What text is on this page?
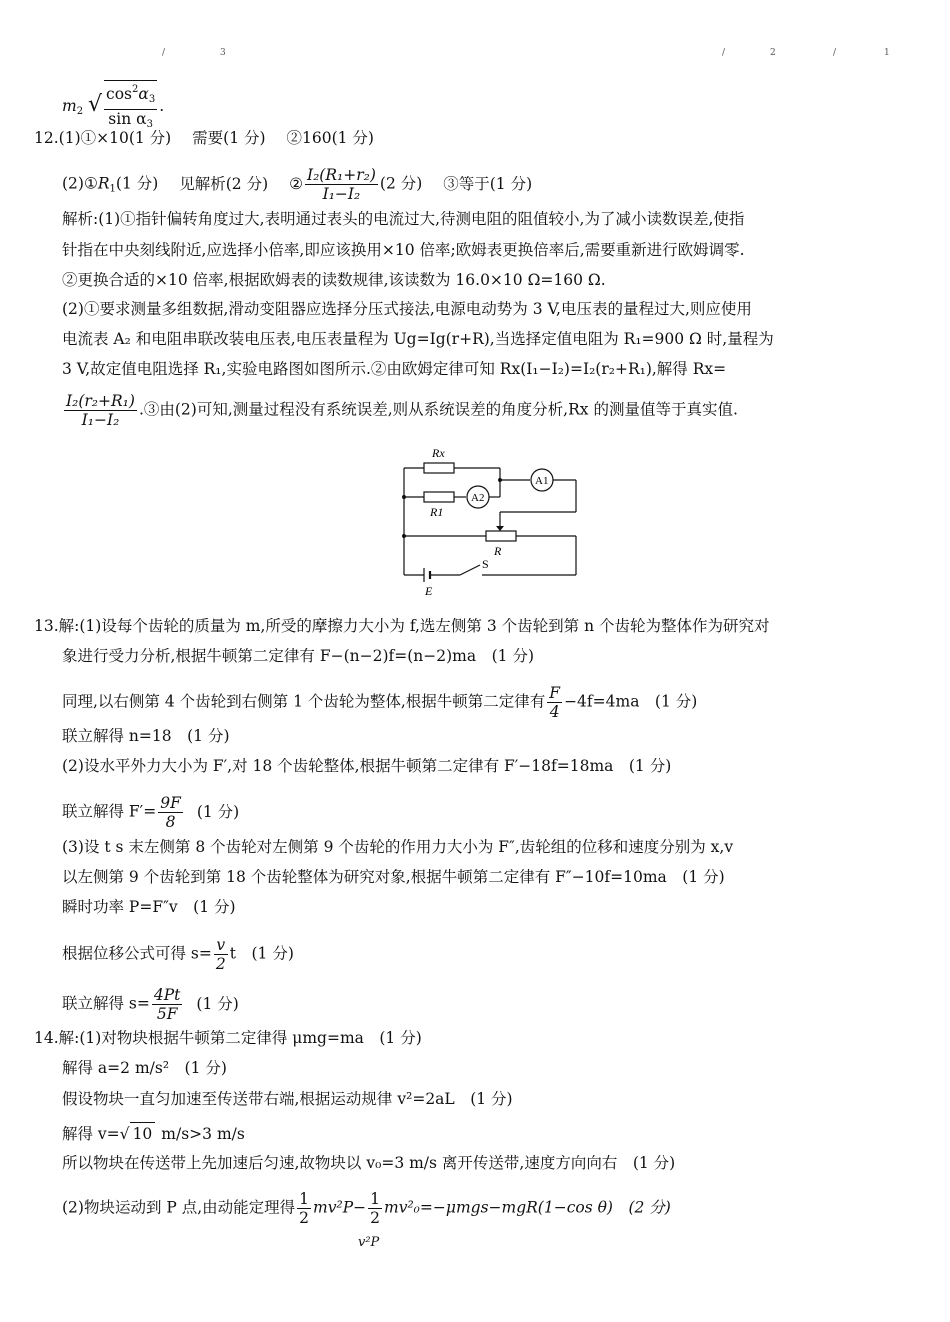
/	3	/	2	/	1
$m_2$ √ $\frac{\cos^2\alpha_3}{\sin \alpha_3}$ .
12.(1)①×10(1 分) 需要(1 分) ②160(1 分)
$(2)①R_1(1$ 分) 见解析(2 分) ② $\frac{\text{I₂(R₁+r₂)}}{\text{I₁−I₂}} (2$ 分) ③等于(1 分)
解析:(1)①指针偏转角度过大,表明通过表头的电流过大,待测电阻的阻值较小,为了减小读数误差,使指
针指在中央刻线附近,应选择小倍率,即应该换用×10 倍率;欧姆表更换倍率后,需要重新进行欧姆调零.
②更换合适的×10 倍率,根据欧姆表的读数规律,该读数为 16.0×10 Ω=160 Ω.
(2)①要求测量多组数据,滑动变阻器应选择分压式接法,电源电动势为 3 V,电压表的量程过大,则应使用
电流表 A₂ 和电阻串联改装电压表,电压表量程为 Ug=Ig(r+R),当选择定值电阻为 R₁=900 Ω 时,量程为
3 V,故定值电阻选择 R₁,实验电路图如图所示.②由欧姆定律可知 Rx(I₁−I₂)=I₂(r₂+R₁),解得 Rx=
$\frac{\text{I₂(r₂+R₁)}}{\text{I₁−I₂}}$ .③由(2)可知,测量过程没有系统误差,则从系统误差的角度分析,Rx 的测量值等于真实值.
Rx
R1
A1
A2
R
E
S
13.解:(1)设每个齿轮的质量为 m,所受的摩擦力大小为 f,选左侧第 3 个齿轮到第 n 个齿轮为整体作为研究对
象进行受力分析,根据牛顿第二定律有 F−(n−2)f=(n−2)ma　(1 分)
同理,以右侧第 4 个齿轮到右侧第 1 个齿轮为整体,根据牛顿第二定律有 $\frac{F}{4} -4f=4ma$　(1 分)
联立解得 n=18　(1 分)
(2)设水平外力大小为 F′,对 18 个齿轮整体,根据牛顿第二定律有 F′−18f=18ma　(1 分)
联立解得 $F'= \frac{9F}{8} (1$ 分)
(3)设 t s 末左侧第 8 个齿轮对左侧第 9 个齿轮的作用力大小为 F″,齿轮组的位移和速度分别为 x,v
以左侧第 9 个齿轮到第 18 个齿轮整体为研究对象,根据牛顿第二定律有 F″−10f=10ma　(1 分)
瞬时功率 P=F″v　(1 分)
根据位移公式可得 $s= \frac{v}{2}$ t　(1 分)
联立解得 $s= \frac{4Pt}{5F} (1$ 分)
14.解:(1)对物块根据牛顿第二定律得 μmg=ma　(1 分)
解得 a=2 m/s²　(1 分)
假设物块一直匀加速至传送带右端,根据运动规律 v²=2aL　(1 分)
解得 v=√ 10 m/s>3 m/s
所以物块在传送带上先加速后匀速,故物块以 v₀=3 m/s 离开传送带,速度方向向右　(1 分)
(2)物块运动到 P 点,由动能定理得 $\frac{1}{2} mv^2P- \frac{1}{2} mv^2_0=-\mu mgs-mgR(1-\cos$ θ)　(2 分)
v²P
